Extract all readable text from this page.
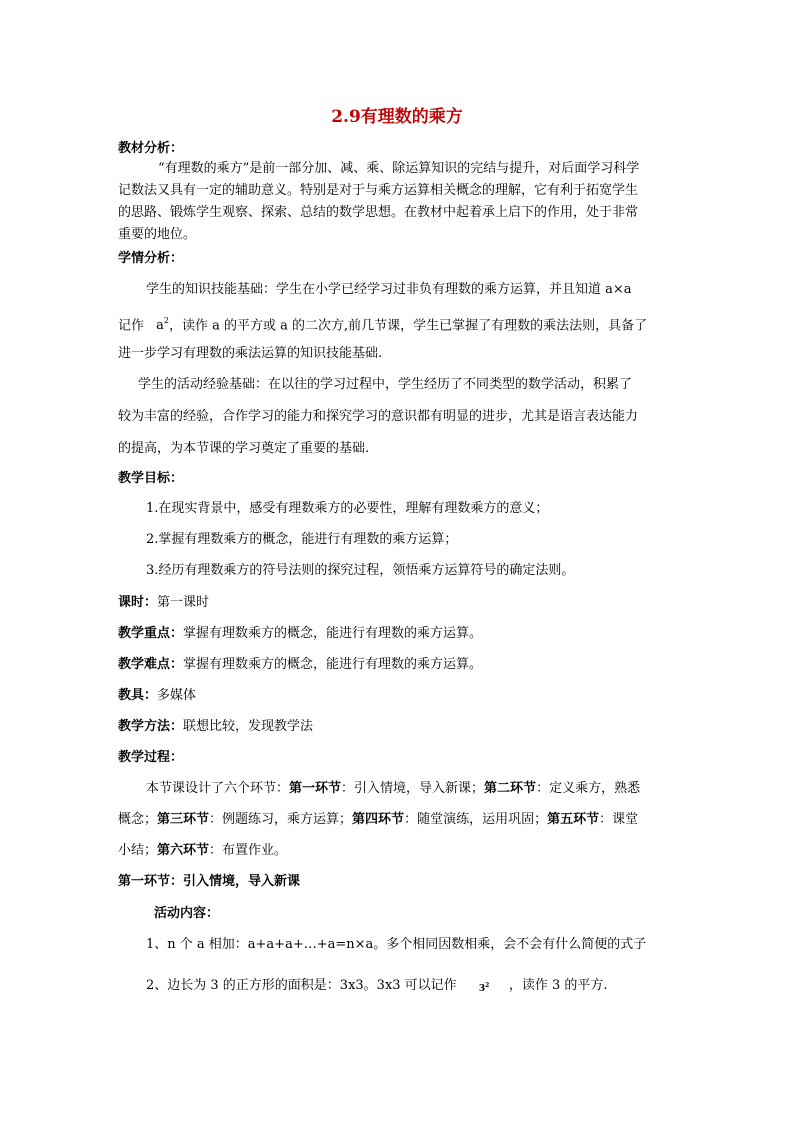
2.9有理数的乘方
教材分析：
“有理数的乘方”是前一部分加、减、乘、除运算知识的完结与提升，对后面学习科学
记数法又具有一定的辅助意义。特别是对于与乘方运算相关概念的理解，它有利于拓宽学生
的思路、锻炼学生观察、探索、总结的数学思想。在教材中起着承上启下的作用，处于非常
重要的地位。
学情分析：
学生的知识技能基础：学生在小学已经学习过非负有理数的乘方运算，并且知道 a×a
记作 $a^2$，读作 a 的平方或 a 的二次方,前几节课，学生已掌握了有理数的乘法法则，具备了
进一步学习有理数的乘法运算的知识技能基础.
学生的活动经验基础：在以往的学习过程中，学生经历了不同类型的数学活动，积累了
较为丰富的经验，合作学习的能力和探究学习的意识都有明显的进步，尤其是语言表达能力
的提高，为本节课的学习奠定了重要的基础.
教学目标：
1.在现实背景中，感受有理数乘方的必要性，理解有理数乘方的意义；
2.掌握有理数乘方的概念，能进行有理数的乘方运算；
3.经历有理数乘方的符号法则的探究过程，领悟乘方运算符号的确定法则。
课时：第一课时
教学重点：掌握有理数乘方的概念，能进行有理数的乘方运算。
教学难点：掌握有理数乘方的概念，能进行有理数的乘方运算。
教具：多媒体
教学方法：联想比较，发现教学法
教学过程：
本节课设计了六个环节：第一环节：引入情境，导入新课；第二环节：定义乘方，熟悉
概念；第三环节：例题练习，乘方运算；第四环节：随堂演练，运用巩固；第五环节：课堂
小结；第六环节：布置作业。
第一环节：引入情境，导入新课
活动内容：
1、n 个 a 相加：a+a+a+…+a=n×a。多个相同因数相乘，会不会有什么简便的式子
2、边长为 3 的正方形的面积是：3x3。3x3 可以记作 $3^2$ ，读作 3 的平方.
